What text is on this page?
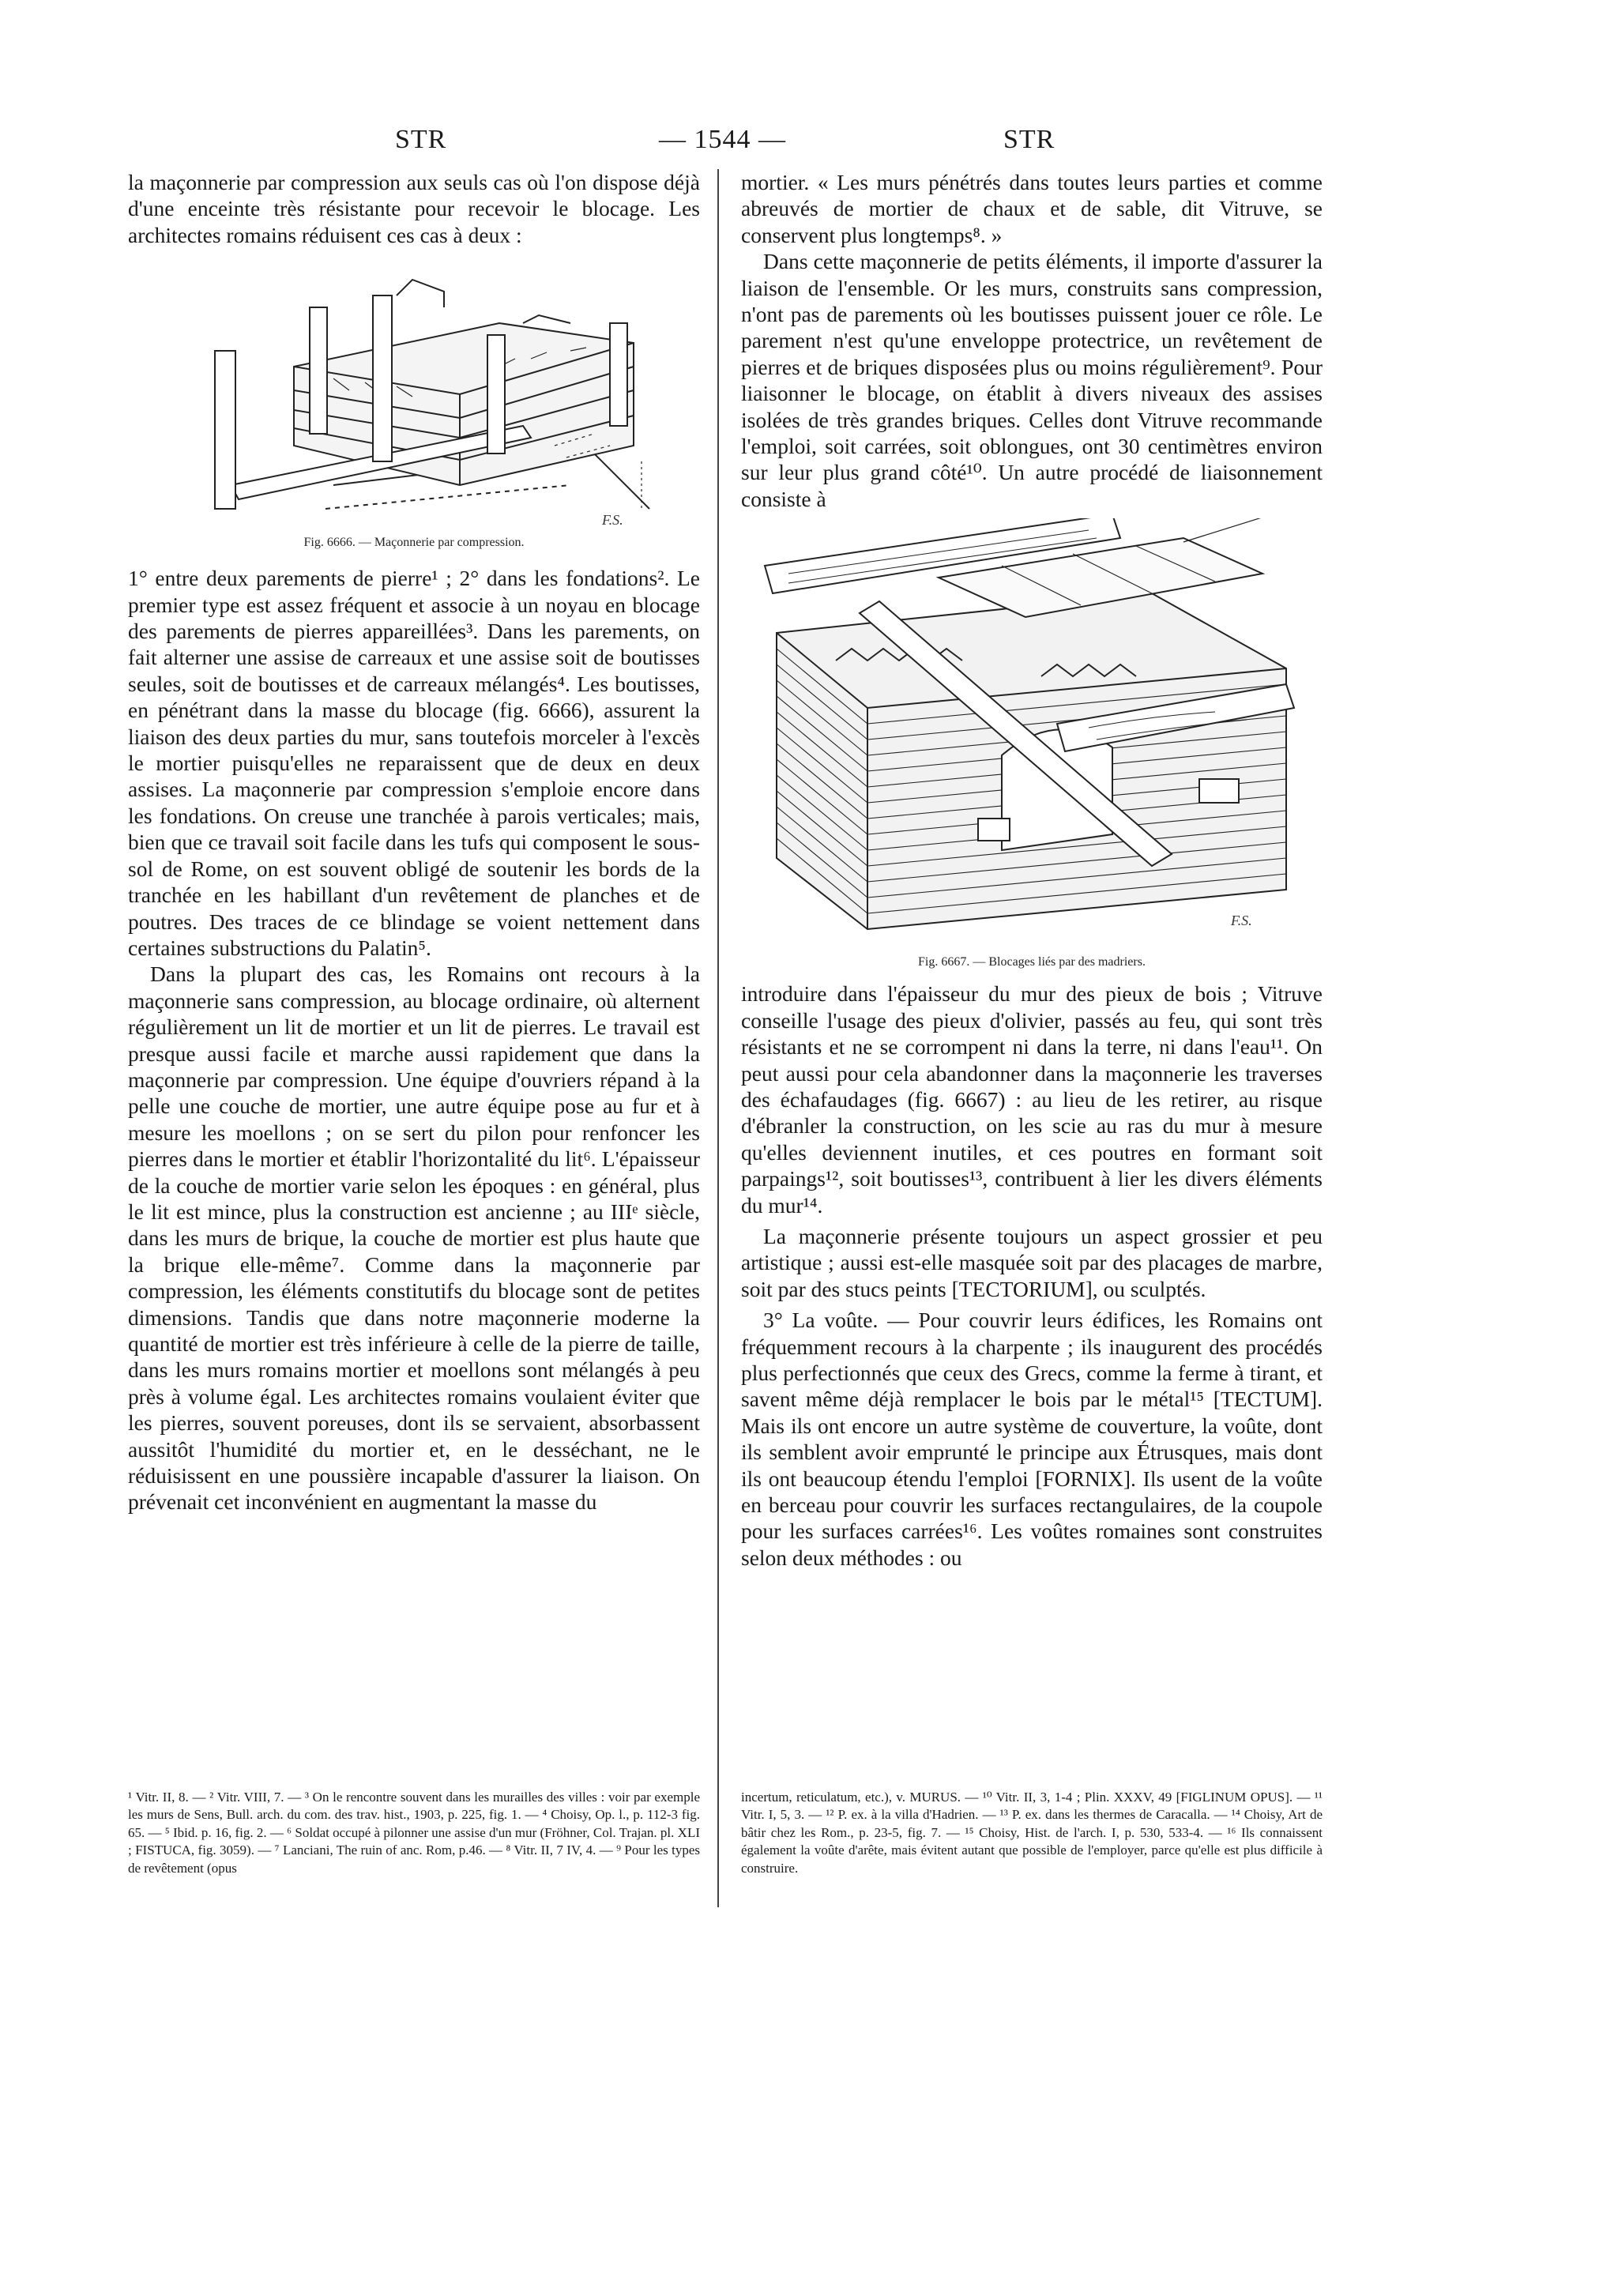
STR	— 1544 —	STR

la maçonnerie par compression aux seuls cas où l'on dispose déjà d'une enceinte très résistante pour recevoir le blocage. Les architectes romains réduisent ces cas à deux :

F.S.
Fig. 6666. — Maçonnerie par compression.

1° entre deux parements de pierre¹ ; 2° dans les fondations². Le premier type est assez fréquent et associe à un noyau en blocage des parements de pierres appareillées³. Dans les parements, on fait alterner une assise de carreaux et une assise soit de boutisses seules, soit de boutisses et de carreaux mélangés⁴. Les boutisses, en pénétrant dans la masse du blocage (fig. 6666), assurent la liaison des deux parties du mur, sans toutefois morceler à l'excès le mortier puisqu'elles ne reparaissent que de deux en deux assises. La maçonnerie par compression s'emploie encore dans les fondations. On creuse une tranchée à parois verticales; mais, bien que ce travail soit facile dans les tufs qui composent le sous-sol de Rome, on est souvent obligé de soutenir les bords de la tranchée en les habillant d'un revêtement de planches et de poutres. Des traces de ce blindage se voient nettement dans certaines substructions du Palatin⁵.

Dans la plupart des cas, les Romains ont recours à la maçonnerie sans compression, au blocage ordinaire, où alternent régulièrement un lit de mortier et un lit de pierres. Le travail est presque aussi facile et marche aussi rapidement que dans la maçonnerie par compression. Une équipe d'ouvriers répand à la pelle une couche de mortier, une autre équipe pose au fur et à mesure les moellons ; on se sert du pilon pour renfoncer les pierres dans le mortier et établir l'horizontalité du lit⁶. L'épaisseur de la couche de mortier varie selon les époques : en général, plus le lit est mince, plus la construction est ancienne ; au IIIᵉ siècle, dans les murs de brique, la couche de mortier est plus haute que la brique elle-même⁷. Comme dans la maçonnerie par compression, les éléments constitutifs du blocage sont de petites dimensions. Tandis que dans notre maçonnerie moderne la quantité de mortier est très inférieure à celle de la pierre de taille, dans les murs romains mortier et moellons sont mélangés à peu près à volume égal. Les architectes romains voulaient éviter que les pierres, souvent poreuses, dont ils se servaient, absorbassent aussitôt l'humidité du mortier et, en le desséchant, ne le réduisissent en une poussière incapable d'assurer la liaison. On prévenait cet inconvénient en augmentant la masse du

mortier. « Les murs pénétrés dans toutes leurs parties et comme abreuvés de mortier de chaux et de sable, dit Vitruve, se conservent plus longtemps⁸. »

Dans cette maçonnerie de petits éléments, il importe d'assurer la liaison de l'ensemble. Or les murs, construits sans compression, n'ont pas de parements où les boutisses puissent jouer ce rôle. Le parement n'est qu'une enveloppe protectrice, un revêtement de pierres et de briques disposées plus ou moins régulièrement⁹. Pour liaisonner le blocage, on établit à divers niveaux des assises isolées de très grandes briques. Celles dont Vitruve recommande l'emploi, soit carrées, soit oblongues, ont 30 centimètres environ sur leur plus grand côté¹⁰. Un autre procédé de liaisonnement consiste à

F.S.
Fig. 6667. — Blocages liés par des madriers.

introduire dans l'épaisseur du mur des pieux de bois ; Vitruve conseille l'usage des pieux d'olivier, passés au feu, qui sont très résistants et ne se corrompent ni dans la terre, ni dans l'eau¹¹. On peut aussi pour cela abandonner dans la maçonnerie les traverses des échafaudages (fig. 6667) : au lieu de les retirer, au risque d'ébranler la construction, on les scie au ras du mur à mesure qu'elles deviennent inutiles, et ces poutres en formant soit parpaings¹², soit boutisses¹³, contribuent à lier les divers éléments du mur¹⁴.

La maçonnerie présente toujours un aspect grossier et peu artistique ; aussi est-elle masquée soit par des placages de marbre, soit par des stucs peints [TECTORIUM], ou sculptés.

3° La voûte. — Pour couvrir leurs édifices, les Romains ont fréquemment recours à la charpente ; ils inaugurent des procédés plus perfectionnés que ceux des Grecs, comme la ferme à tirant, et savent même déjà remplacer le bois par le métal¹⁵ [TECTUM]. Mais ils ont encore un autre système de couverture, la voûte, dont ils semblent avoir emprunté le principe aux Étrusques, mais dont ils ont beaucoup étendu l'emploi [FORNIX]. Ils usent de la voûte en berceau pour couvrir les surfaces rectangulaires, de la coupole pour les surfaces carrées¹⁶. Les voûtes romaines sont construites selon deux méthodes : ou

¹ Vitr. II, 8. — ² Vitr. VIII, 7. — ³ On le rencontre souvent dans les murailles des villes : voir par exemple les murs de Sens, Bull. arch. du com. des trav. hist., 1903, p. 225, fig. 1. — ⁴ Choisy, Op. l., p. 112-3 fig. 65. — ⁵ Ibid. p. 16, fig. 2. — ⁶ Soldat occupé à pilonner une assise d'un mur (Fröhner, Col. Trajan. pl. XLI ; FISTUCA, fig. 3059). — ⁷ Lanciani, The ruin of anc. Rom, p.46. — ⁸ Vitr. II, 7 IV, 4. — ⁹ Pour les types de revêtement (opus
incertum, reticulatum, etc.), v. MURUS. — ¹⁰ Vitr. II, 3, 1-4 ; Plin. XXXV, 49 [FIGLINUM OPUS]. — ¹¹ Vitr. I, 5, 3. — ¹² P. ex. à la villa d'Hadrien. — ¹³ P. ex. dans les thermes de Caracalla. — ¹⁴ Choisy, Art de bâtir chez les Rom., p. 23-5, fig. 7. — ¹⁵ Choisy, Hist. de l'arch. I, p. 530, 533-4. — ¹⁶ Ils connaissent également la voûte d'arête, mais évitent autant que possible de l'employer, parce qu'elle est plus difficile à construire.
